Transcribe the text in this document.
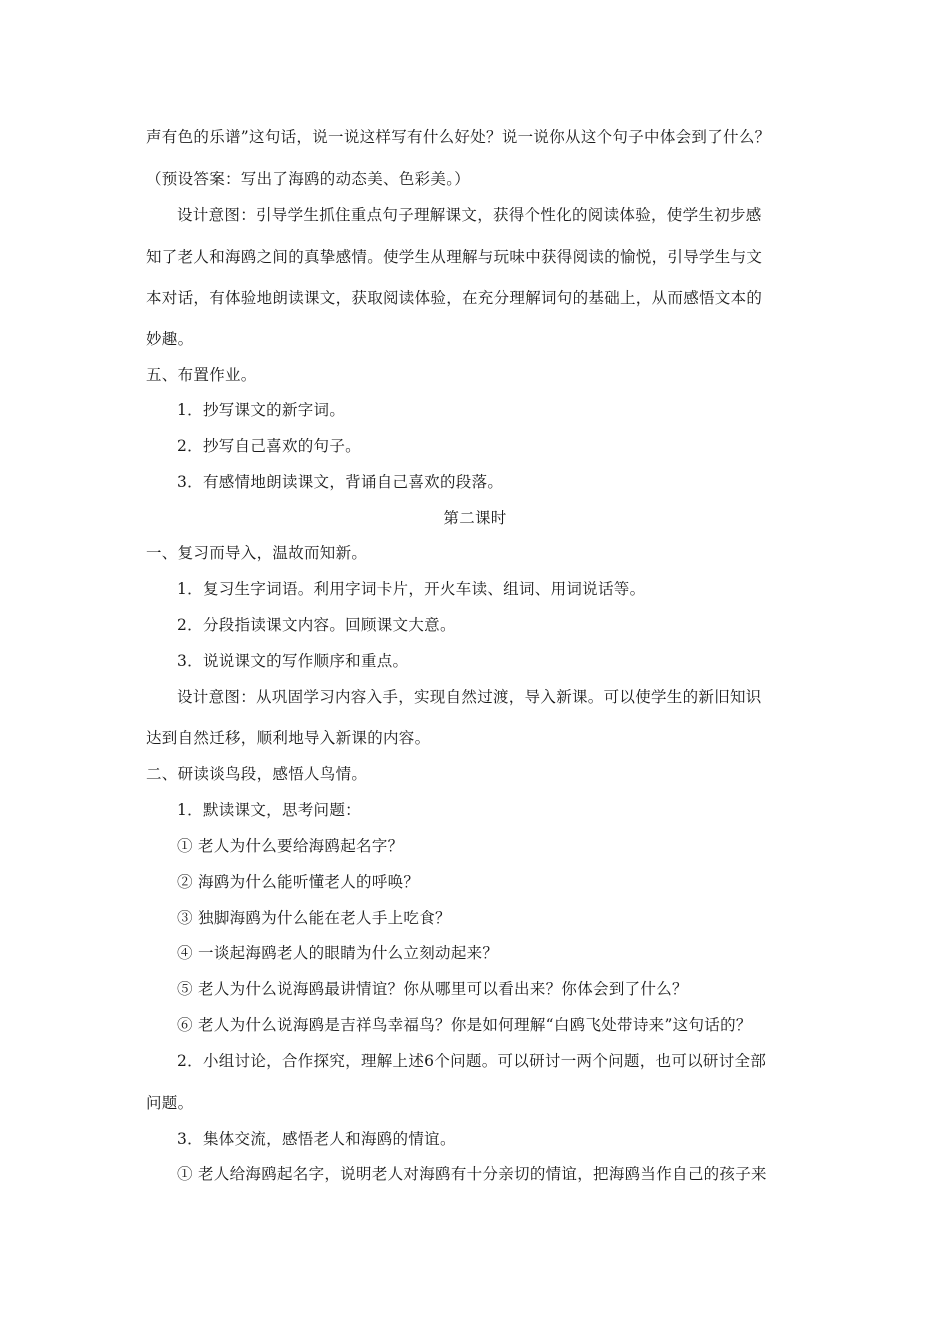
声有色的乐谱”这句话，说一说这样写有什么好处？说一说你从这个句子中体会到了什么？
（预设答案：写出了海鸥的动态美、色彩美。）
设计意图：引导学生抓住重点句子理解课文，获得个性化的阅读体验，使学生初步感
知了老人和海鸥之间的真挚感情。使学生从理解与玩味中获得阅读的愉悦，引导学生与文
本对话，有体验地朗读课文，获取阅读体验，在充分理解词句的基础上，从而感悟文本的
妙趣。
五、布置作业。
1．抄写课文的新字词。
2．抄写自己喜欢的句子。
3．有感情地朗读课文，背诵自己喜欢的段落。
第二课时
一、复习而导入，温故而知新。
1．复习生字词语。利用字词卡片，开火车读、组词、用词说话等。
2．分段指读课文内容。回顾课文大意。
3．说说课文的写作顺序和重点。
设计意图：从巩固学习内容入手，实现自然过渡，导入新课。可以使学生的新旧知识
达到自然迁移，顺利地导入新课的内容。
二、研读谈鸟段，感悟人鸟情。
1．默读课文，思考问题：
① 老人为什么要给海鸥起名字？
② 海鸥为什么能听懂老人的呼唤？
③ 独脚海鸥为什么能在老人手上吃食？
④ 一谈起海鸥老人的眼睛为什么立刻动起来？
⑤ 老人为什么说海鸥最讲情谊？你从哪里可以看出来？你体会到了什么？
⑥ 老人为什么说海鸥是吉祥鸟幸福鸟？你是如何理解“白鸥飞处带诗来”这句话的？
2．小组讨论，合作探究，理解上述6个问题。可以研讨一两个问题，也可以研讨全部
问题。
3．集体交流，感悟老人和海鸥的情谊。
① 老人给海鸥起名字，说明老人对海鸥有十分亲切的情谊，把海鸥当作自己的孩子来
